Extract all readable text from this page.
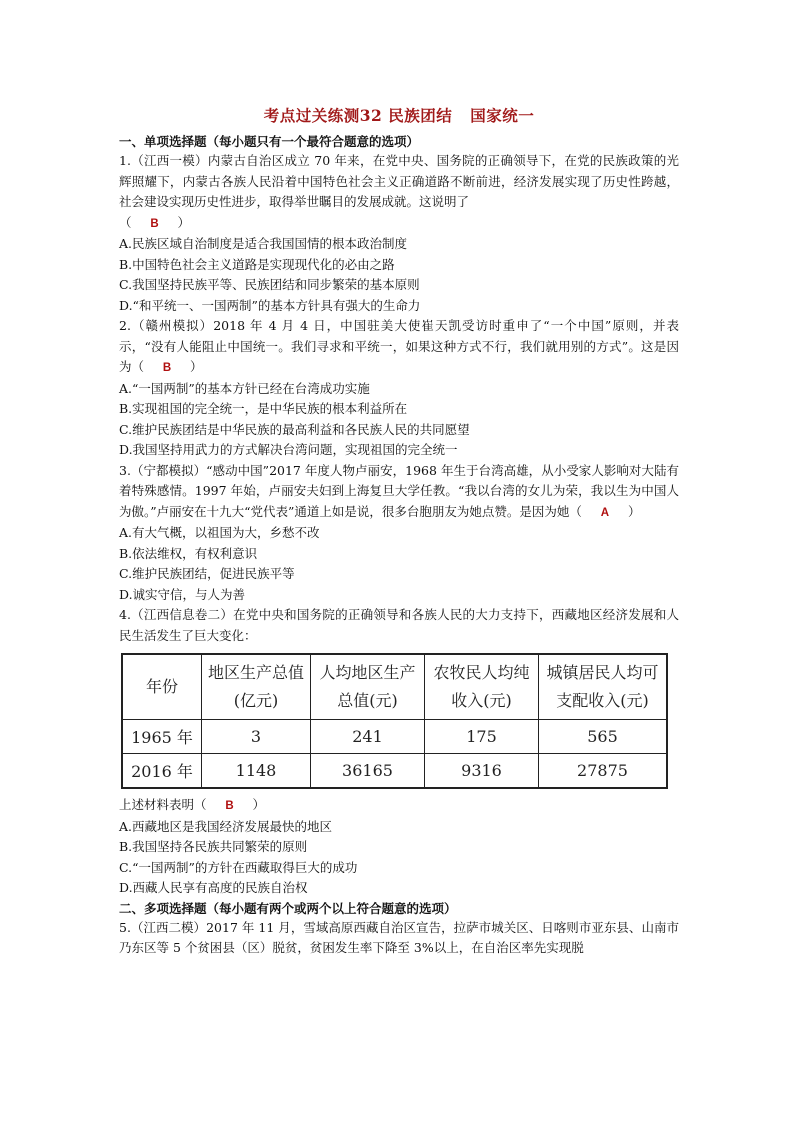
考点过关练测32 民族团结 国家统一

一、单项选择题（每小题只有一个最符合题意的选项）

1.（江西一模）内蒙古自治区成立 70 年来，在党中央、国务院的正确领导下，在党的民族政策的光辉照耀下，内蒙古各族人民沿着中国特色社会主义正确道路不断前进，经济发展实现了历史性跨越，社会建设实现历史性进步，取得举世瞩目的发展成就。这说明了

（ B ）

A.民族区域自治制度是适合我国国情的根本政治制度

B.中国特色社会主义道路是实现现代化的必由之路

C.我国坚持民族平等、民族团结和同步繁荣的基本原则

D.“和平统一、一国两制”的基本方针具有强大的生命力

2.（赣州模拟）2018 年 4 月 4 日，中国驻美大使崔天凯受访时重申了“一个中国”原则，并表示，“没有人能阻止中国统一。我们寻求和平统一，如果这种方式不行，我们就用别的方式”。这是因为（ B ）

A.“一国两制”的基本方针已经在台湾成功实施

B.实现祖国的完全统一，是中华民族的根本利益所在

C.维护民族团结是中华民族的最高利益和各民族人民的共同愿望

D.我国坚持用武力的方式解决台湾问题，实现祖国的完全统一

3.（宁都模拟）“感动中国”2017 年度人物卢丽安，1968 年生于台湾高雄，从小受家人影响对大陆有着特殊感情。1997 年始，卢丽安夫妇到上海复旦大学任教。“我以台湾的女儿为荣，我以生为中国人为傲。”卢丽安在十九大“党代表”通道上如是说，很多台胞朋友为她点赞。是因为她（ A ）

A.有大气概，以祖国为大，乡愁不改

B.依法维权，有权利意识

C.维护民族团结，促进民族平等

D.诚实守信，与人为善

4.（江西信息卷二）在党中央和国务院的正确领导和各族人民的大力支持下，西藏地区经济发展和人民生活发生了巨大变化：

年份	地区生产总值(亿元)	人均地区生产总值(元)	农牧民人均纯收入(元)	城镇居民人均可支配收入(元)
1965 年	3	241	175	565
2016 年	1148	36165	9316	27875

上述材料表明（ B ）

A.西藏地区是我国经济发展最快的地区

B.我国坚持各民族共同繁荣的原则

C.“一国两制”的方针在西藏取得巨大的成功

D.西藏人民享有高度的民族自治权

二、多项选择题（每小题有两个或两个以上符合题意的选项）

5.（江西二模）2017 年 11 月，雪域高原西藏自治区宣告，拉萨市城关区、日喀则市亚东县、山南市乃东区等 5 个贫困县（区）脱贫，贫困发生率下降至 3%以上，在自治区率先实现脱
